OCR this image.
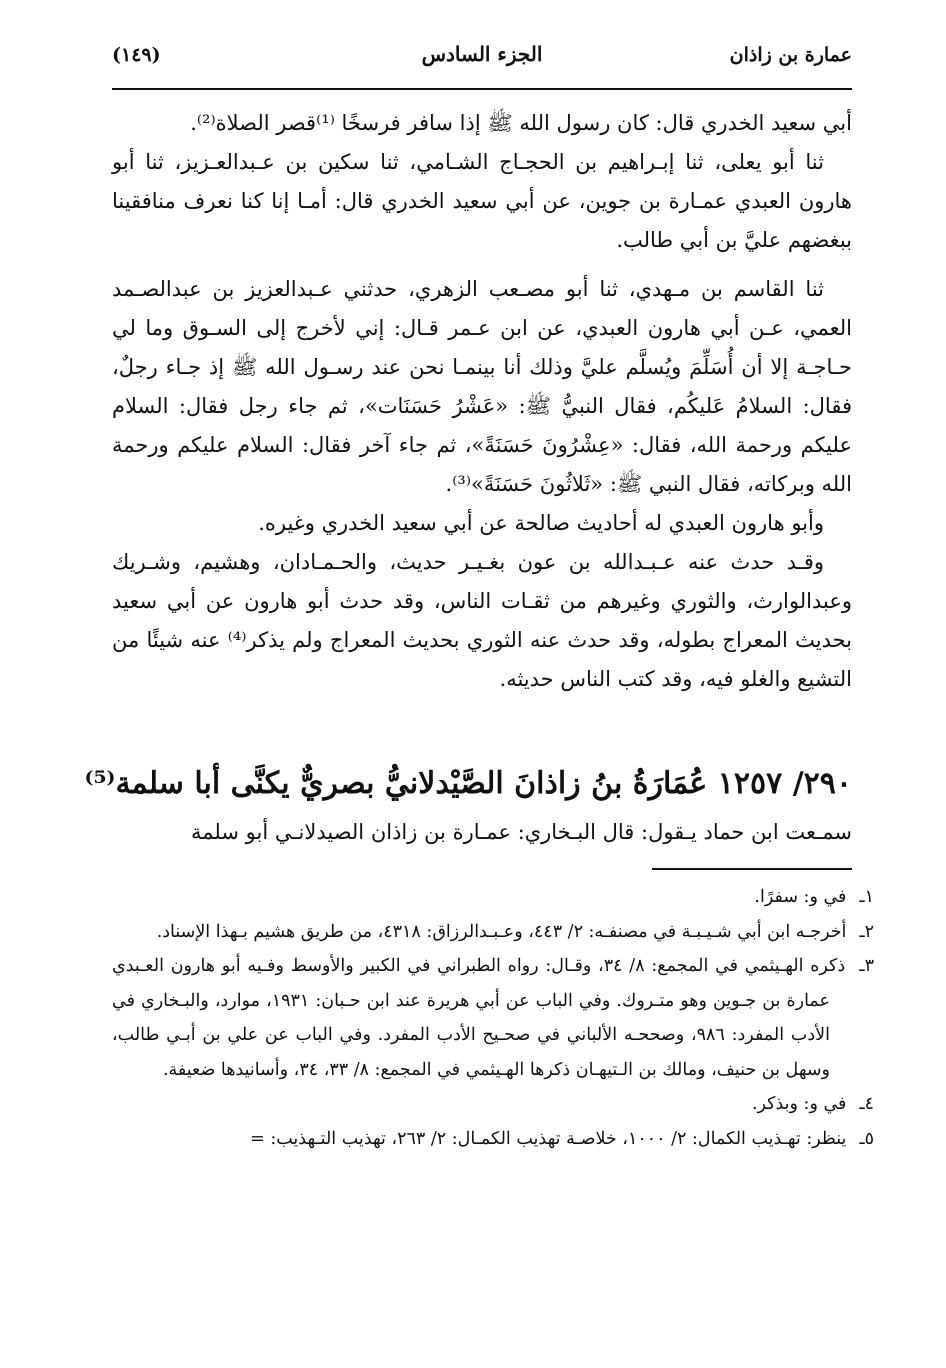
عمارة بن زاذان
الجزء السادس
(١٤٩)

أبي سعيد الخدري قال: كان رسول الله ﷺ إذا سافر فرسخًا ⁽¹⁾قصر الصلاة⁽²⁾.

ثنا أبو يعلى، ثنا إبـراهيم بن الحجـاج الشـامي، ثنا سكين بن عـبدالعـزيز، ثنا أبو هارون العبدي عمـارة بن جوين، عن أبي سعيد الخدري قال: أمـا إنا كنا نعرف منافقينا ببغضهم عليَّ بن أبي طالب.

ثنا القاسم بن مـهدي، ثنا أبو مصـعب الزهري، حدثني عـبدالعزيز بن عبدالصـمد العمي، عـن أبي هارون العبدي، عن ابن عـمر قـال: إني لأخرج إلى السـوق وما لي حـاجـة إلا أن أُسَلِّمَ ويُسلَّم عليَّ وذلك أنا بينمـا نحن عند رسـول الله ﷺ إذ جـاء رجلٌ، فقال: السلامُ عَليكُم، فقال النبيُّ ﷺ: «عَشْرُ حَسَنَات»، ثم جاء رجل فقال: السلام عليكم ورحمة الله، فقال: «عِشْرُونَ حَسَنَةً»، ثم جاء آخر فقال: السلام عليكم ورحمة الله وبركاته، فقال النبي ﷺ: «ثَلاثُونَ حَسَنَةً»⁽³⁾.

وأبو هارون العبدي له أحاديث صالحة عن أبي سعيد الخدري وغيره.

وقـد حدث عنه عـبـدالله بن عون بغـيـر حديث، والحـمـادان، وهشيم، وشـريك وعبدالوارث، والثوري وغيرهم من ثقـات الناس، وقد حدث أبو هارون عن أبي سعيد بحديث المعراج بطوله، وقد حدث عنه الثوري بحديث المعراج ولم يذكر⁽⁴⁾ عنه شيئًا من التشيع والغلو فيه، وقد كتب الناس حديثه.

٢٩٠/ ١٢٥٧ عُمَارَةُ بنُ زاذانَ الصَّيْدلانيُّ بصريٌّ يكنَّى أبا سلمة⁽⁵⁾
سمـعت ابن حماد يـقول: قال البـخاري: عمـارة بن زاذان الصيدلانـي أبو سلمة

١ـ في و: سفرًا.

٢ـ أخرجـه ابن أبي شـيـبـة في مصنفـه: ٢/ ٤٤٣، وعـبـدالرزاق: ٤٣١٨، من طريق هشيم بـهذا الإسناد.

٣ـ ذكره الهـيثمي في المجمع: ٨/ ٣٤، وقـال: رواه الطبراني في الكبير والأوسط وفـيه أبو هارون العـبدي عمارة بن جـوين وهو متـروك. وفي الباب عن أبي هريرة عند ابن حـبان: ١٩٣١، موارد، والبـخاري في الأدب المفرد: ٩٨٦، وصححـه الألباني في صحـيح الأدب المفرد. وفي الباب عن علي بن أبـي طالب، وسهل بن حنيف، ومالك بن الـتيهـان ذكرها الهـيثمي في المجمع: ٨/ ٣٣، ٣٤، وأسانيدها ضعيفة.

٤ـ في و: وبذكر.

٥ـ ينظر: تهـذيب الكمال: ٢/ ١٠٠٠، خلاصـة تهذيب الكمـال: ٢/ ٢٦٣، تهذيب التـهذيب: =
